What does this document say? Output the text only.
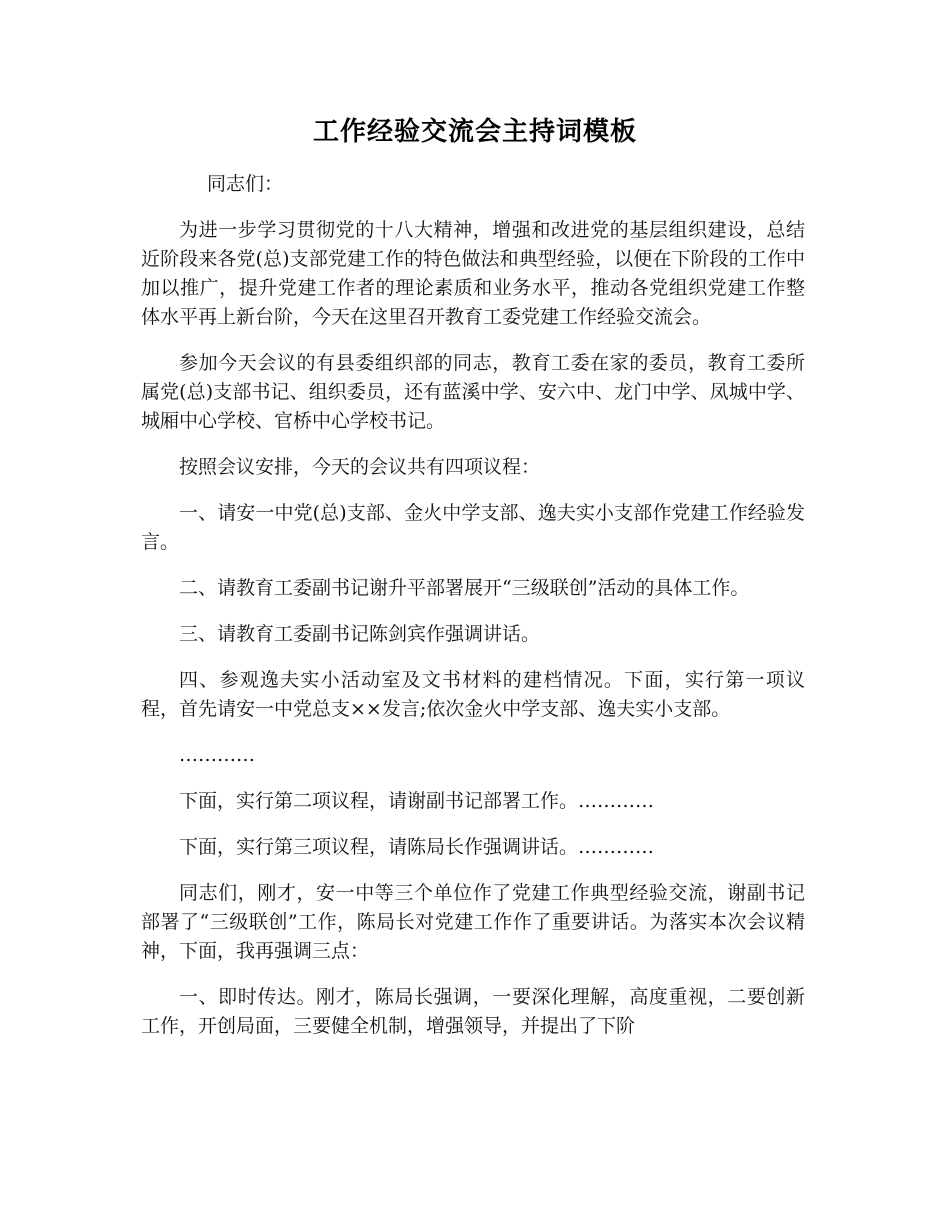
工作经验交流会主持词模板

同志们：

为进一步学习贯彻党的十八大精神，增强和改进党的基层组织建设，总结近阶段来各党(总)支部党建工作的特色做法和典型经验，以便在下阶段的工作中加以推广，提升党建工作者的理论素质和业务水平，推动各党组织党建工作整体水平再上新台阶，今天在这里召开教育工委党建工作经验交流会。

参加今天会议的有县委组织部的同志，教育工委在家的委员，教育工委所属党(总)支部书记、组织委员，还有蓝溪中学、安六中、龙门中学、凤城中学、城厢中心学校、官桥中心学校书记。

按照会议安排，今天的会议共有四项议程：

一、请安一中党(总)支部、金火中学支部、逸夫实小支部作党建工作经验发言。

二、请教育工委副书记谢升平部署展开“三级联创”活动的具体工作。

三、请教育工委副书记陈剑宾作强调讲话。

四、参观逸夫实小活动室及文书材料的建档情况。下面，实行第一项议程，首先请安一中党总支××发言;依次金火中学支部、逸夫实小支部。

…………

下面，实行第二项议程，请谢副书记部署工作。…………

下面，实行第三项议程，请陈局长作强调讲话。…………

同志们，刚才，安一中等三个单位作了党建工作典型经验交流，谢副书记部署了“三级联创”工作，陈局长对党建工作作了重要讲话。为落实本次会议精神，下面，我再强调三点：

一、即时传达。刚才，陈局长强调，一要深化理解，高度重视，二要创新工作，开创局面，三要健全机制，增强领导，并提出了下阶
